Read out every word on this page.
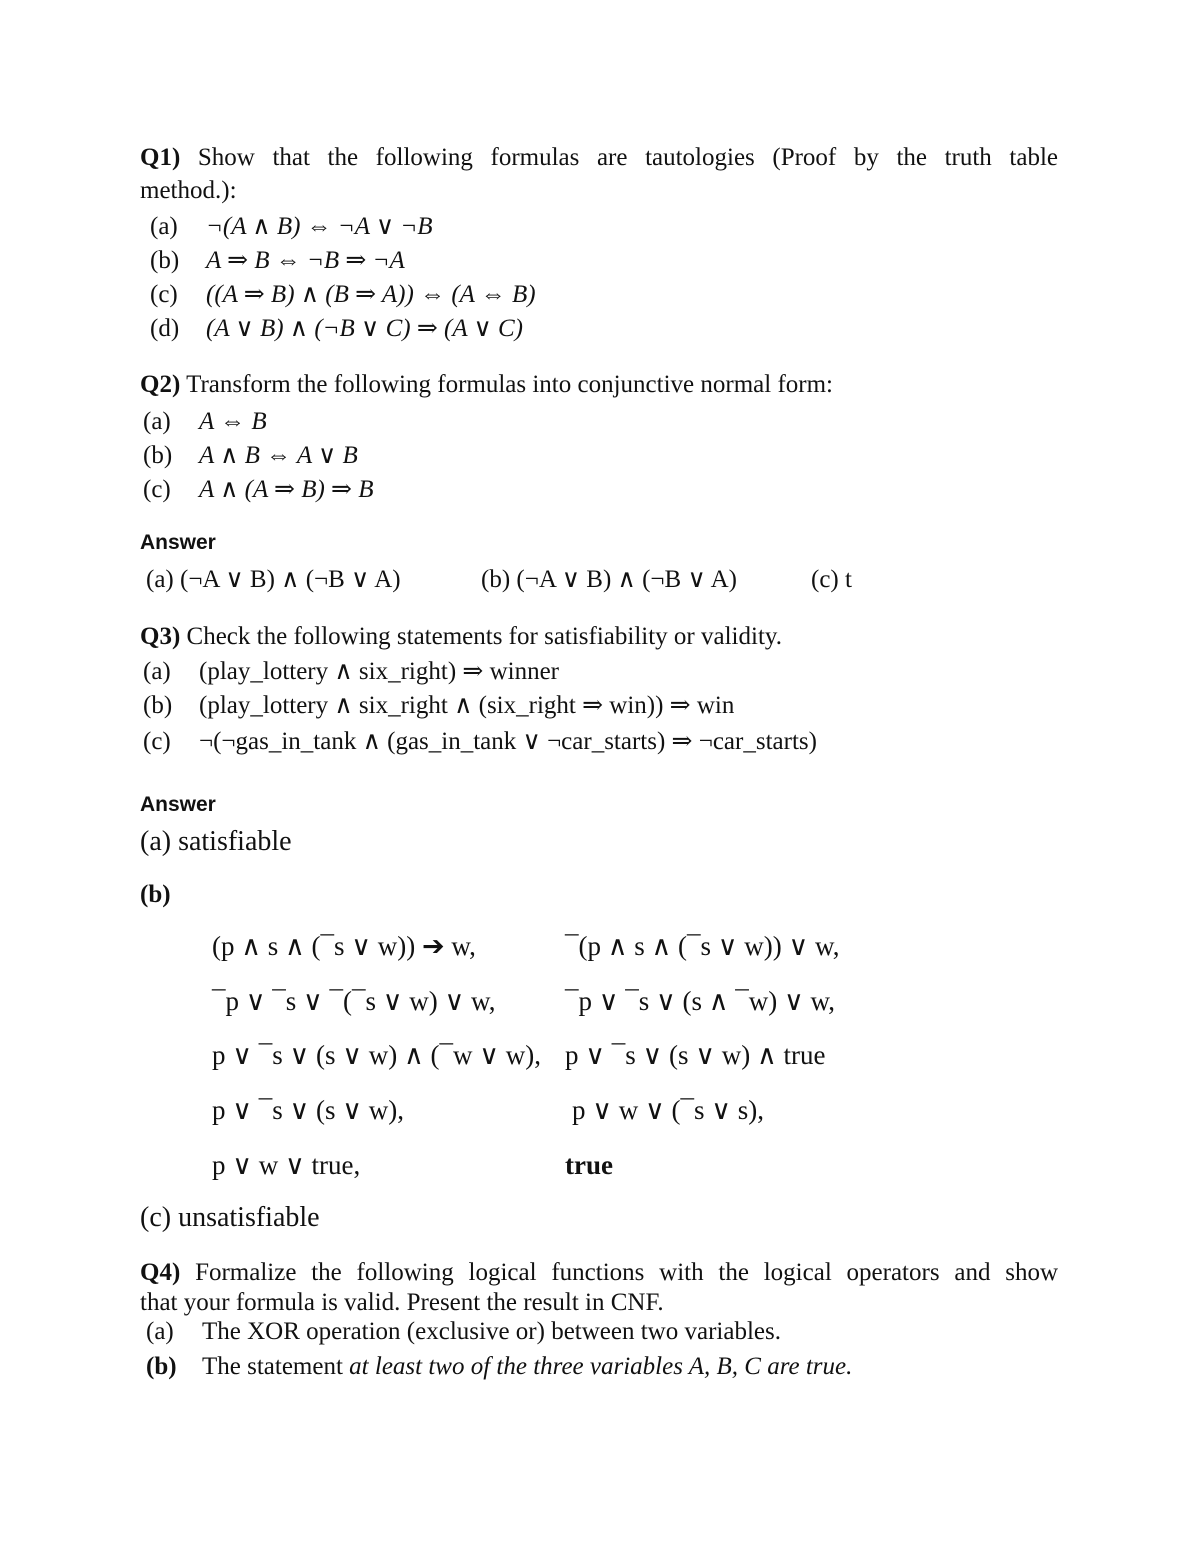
Q1) Show that the following formulas are tautologies (Proof by the truth table
method.):
(a) ¬(A ∧ B) ⇔ ¬A ∨ ¬B
(b) A ⇒ B ⇔ ¬B ⇒ ¬A
(c) ((A ⇒ B) ∧ (B ⇒ A)) ⇔ (A ⇔ B)
(d) (A ∨ B) ∧ (¬B ∨ C) ⇒ (A ∨ C)
Q2) Transform the following formulas into conjunctive normal form:
(a) A ⇔ B
(b) A ∧ B ⇔ A ∨ B
(c) A ∧ (A ⇒ B) ⇒ B
Answer
(a) (¬A ∨ B) ∧ (¬B ∨ A)	(b) (¬A ∨ B) ∧ (¬B ∨ A)	(c) t
Q3) Check the following statements for satisfiability or validity.
(a) (play_lottery ∧ six_right) ⇒ winner
(b) (play_lottery ∧ six_right ∧ (six_right ⇒ win)) ⇒ win
(c) ¬(¬gas_in_tank ∧ (gas_in_tank ∨ ¬car_starts) ⇒ ¬car_starts)
Answer
(a) satisfiable
(b)
(p ∧ s ∧ (¯s ∨ w)) ➔ w,	¯(p ∧ s ∧ (¯s ∨ w)) ∨ w,
¯p ∨ ¯s ∨ ¯(¯s ∨ w) ∨ w,	¯p ∨ ¯s ∨ (s ∧ ¯w) ∨ w,
p ∨ ¯s ∨ (s ∨ w) ∧ (¯w ∨ w), p ∨ ¯s ∨ (s ∨ w) ∧ true
p ∨ ¯s ∨ (s ∨ w),	p ∨ w ∨ (¯s ∨ s),
p ∨ w ∨ true,	true
(c) unsatisfiable
Q4) Formalize the following logical functions with the logical operators and show
that your formula is valid. Present the result in CNF.
(a) The XOR operation (exclusive or) between two variables.
(b) The statement at least two of the three variables A, B, C are true.
